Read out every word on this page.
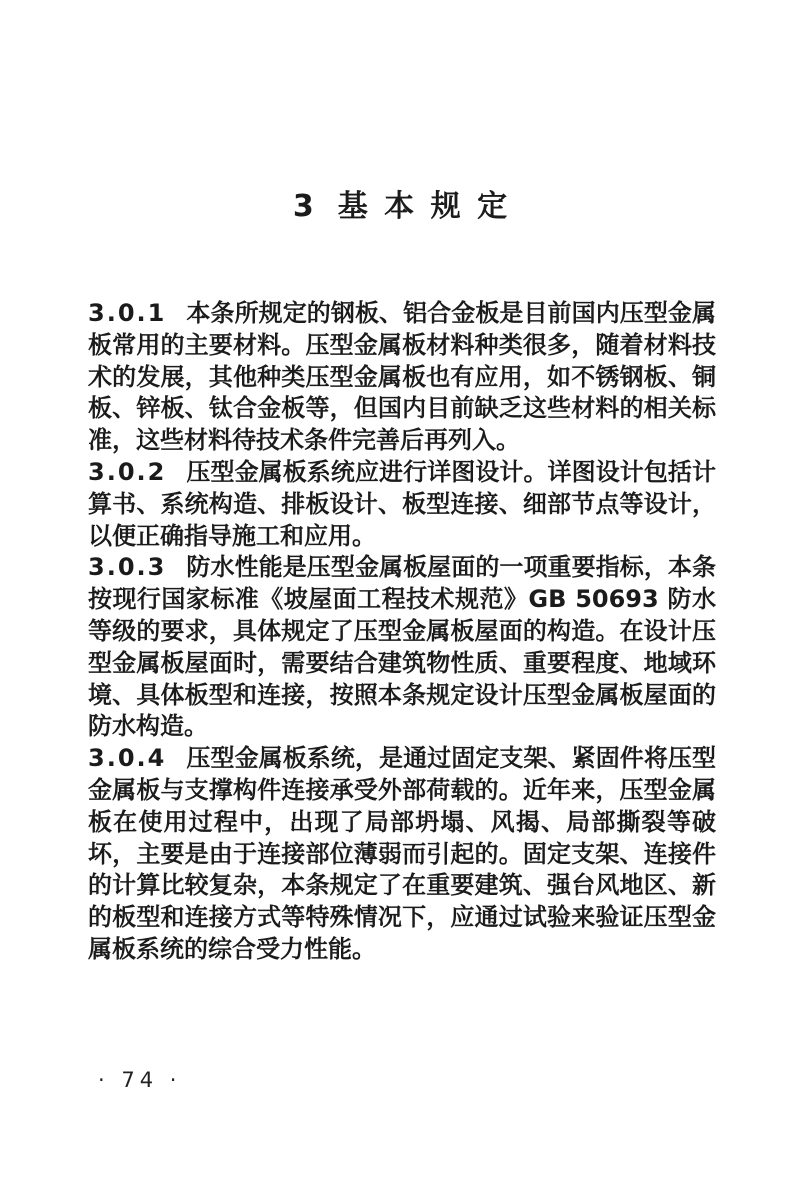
3 基本规定

3.0.1 本条所规定的钢板、铝合金板是目前国内压型金属板常用的主要材料。压型金属板材料种类很多，随着材料技术的发展，其他种类压型金属板也有应用，如不锈钢板、铜板、锌板、钛合金板等，但国内目前缺乏这些材料的相关标准，这些材料待技术条件完善后再列入。

3.0.2 压型金属板系统应进行详图设计。详图设计包括计算书、系统构造、排板设计、板型连接、细部节点等设计，以便正确指导施工和应用。

3.0.3 防水性能是压型金属板屋面的一项重要指标，本条按现行国家标准《坡屋面工程技术规范》GB 50693 防水等级的要求，具体规定了压型金属板屋面的构造。在设计压型金属板屋面时，需要结合建筑物性质、重要程度、地域环境、具体板型和连接，按照本条规定设计压型金属板屋面的防水构造。

3.0.4 压型金属板系统，是通过固定支架、紧固件将压型金属板与支撑构件连接承受外部荷载的。近年来，压型金属板在使用过程中，出现了局部坍塌、风揭、局部撕裂等破坏，主要是由于连接部位薄弱而引起的。固定支架、连接件的计算比较复杂，本条规定了在重要建筑、强台风地区、新的板型和连接方式等特殊情况下，应通过试验来验证压型金属板系统的综合受力性能。

· 74 ·
